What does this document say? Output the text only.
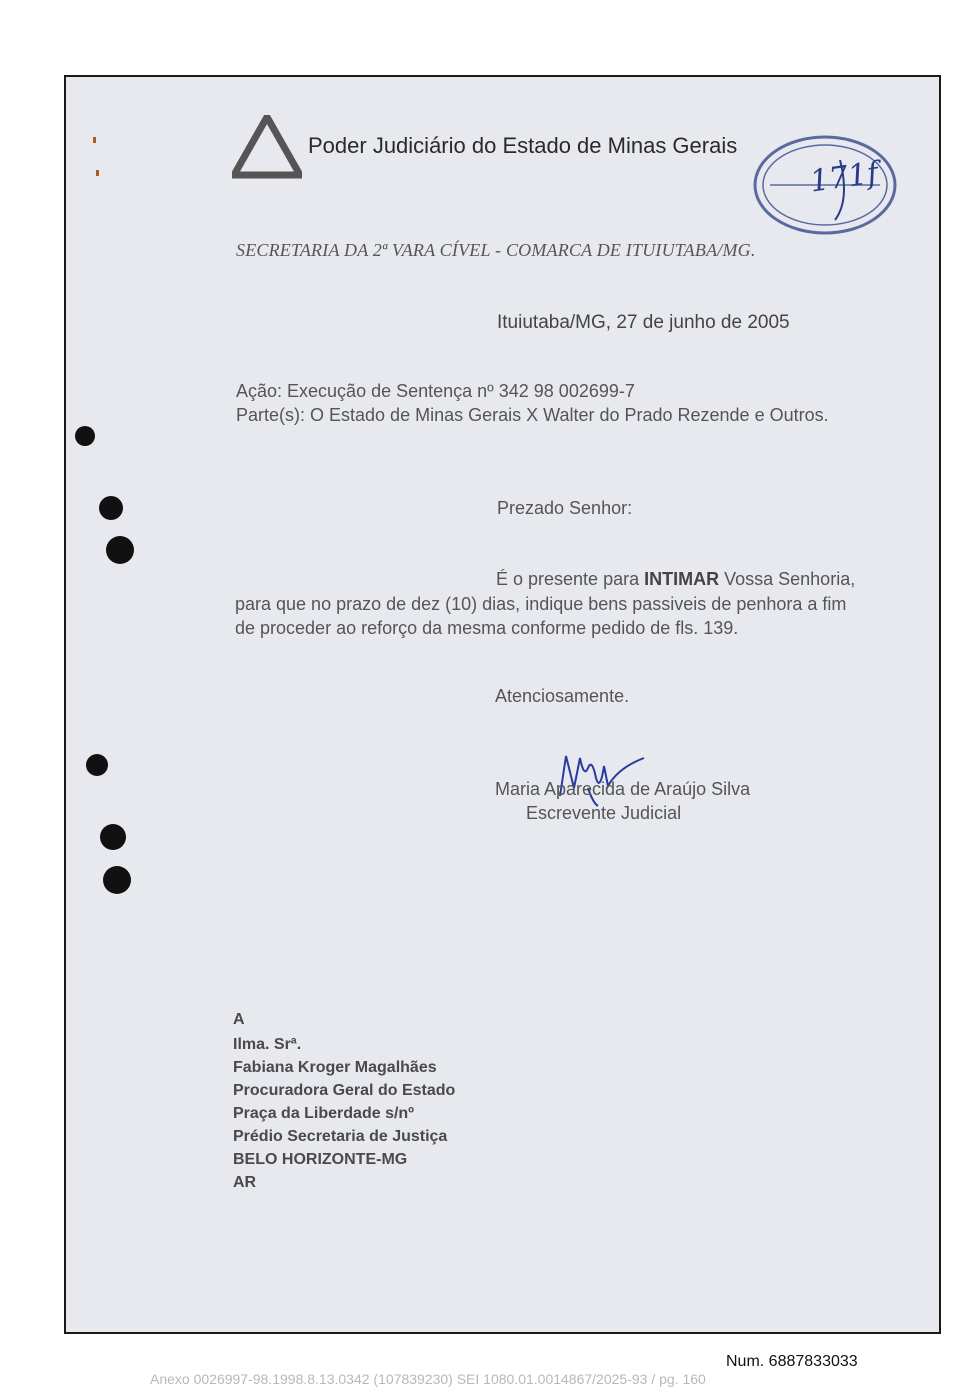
Poder Judiciário do Estado de Minas Gerais
171f
SECRETARIA DA 2ª VARA CÍVEL - COMARCA DE ITUIUTABA/MG.
Ituiutaba/MG, 27 de junho de 2005
Ação: Execução de Sentença nº 342 98 002699-7
Parte(s): O Estado de Minas Gerais X Walter do Prado Rezende e Outros.
Prezado Senhor:
É o presente para INTIMAR Vossa Senhoria,
para que no prazo de dez (10) dias, indique bens passiveis de penhora a fim
de proceder ao reforço da mesma conforme pedido de fls. 139.
Atenciosamente.
Maria Aparecida de Araújo Silva
Escrevente Judicial
A
Ilma. Srª.
Fabiana Kroger Magalhães
Procuradora Geral do Estado
Praça da Liberdade s/nº
Prédio Secretaria de Justiça
BELO HORIZONTE-MG
AR
Num. 6887833033
Anexo 0026997-98.1998.8.13.0342 (107839230) SEI 1080.01.0014867/2025-93 / pg. 160
